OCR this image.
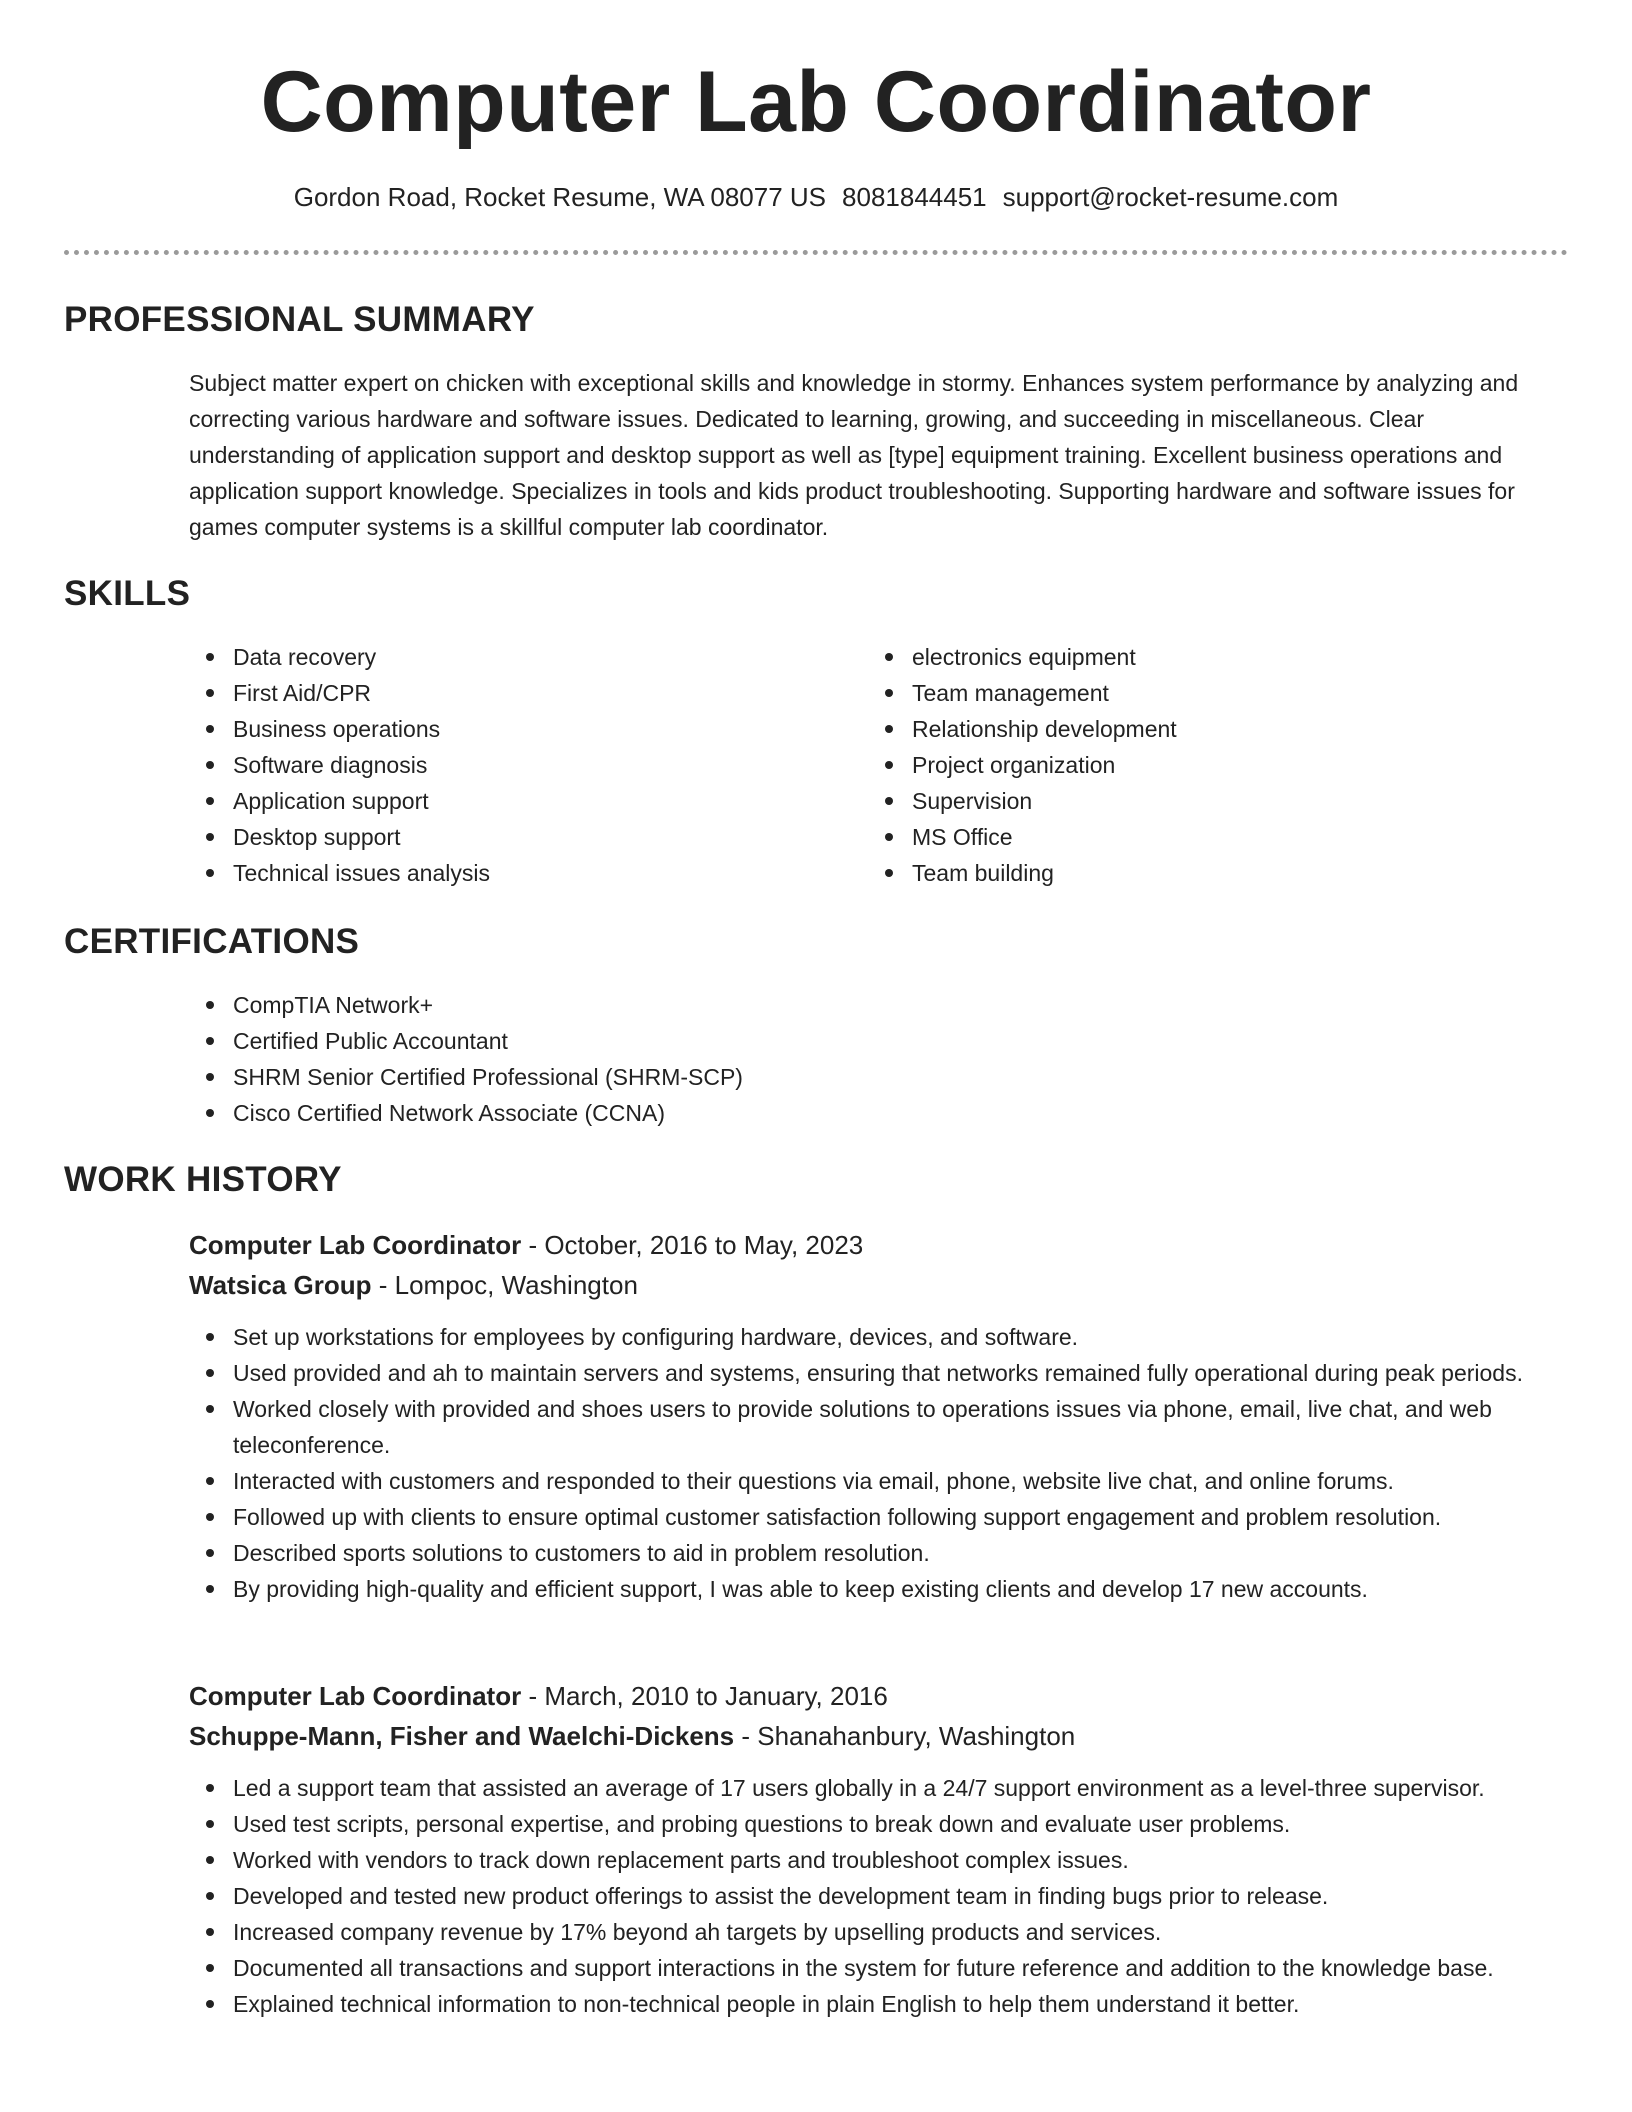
Computer Lab Coordinator
Gordon Road, Rocket Resume, WA 08077 US 8081844451 support@rocket-resume.com
PROFESSIONAL SUMMARY

Subject matter expert on chicken with exceptional skills and knowledge in stormy. Enhances system performance by analyzing and correcting various hardware and software issues. Dedicated to learning, growing, and succeeding in miscellaneous. Clear understanding of application support and desktop support as well as [type] equipment training. Excellent business operations and application support knowledge. Specializes in tools and kids product troubleshooting. Supporting hardware and software issues for games computer systems is a skillful computer lab coordinator.

SKILLS
Data recovery
First Aid/CPR
Business operations
Software diagnosis
Application support
Desktop support
Technical issues analysis
electronics equipment
Team management
Relationship development
Project organization
Supervision
MS Office
Team building
CERTIFICATIONS
CompTIA Network+
Certified Public Accountant
SHRM Senior Certified Professional (SHRM-SCP)
Cisco Certified Network Associate (CCNA)
WORK HISTORY

Computer Lab Coordinator - October, 2016 to May, 2023

Watsica Group - Lompoc, Washington

Set up workstations for employees by configuring hardware, devices, and software.
Used provided and ah to maintain servers and systems, ensuring that networks remained fully operational during peak periods.
Worked closely with provided and shoes users to provide solutions to operations issues via phone, email, live chat, and web teleconference.
Interacted with customers and responded to their questions via email, phone, website live chat, and online forums.
Followed up with clients to ensure optimal customer satisfaction following support engagement and problem resolution.
Described sports solutions to customers to aid in problem resolution.
By providing high-quality and efficient support, I was able to keep existing clients and develop 17 new accounts.

Computer Lab Coordinator - March, 2010 to January, 2016

Schuppe-Mann, Fisher and Waelchi-Dickens - Shanahanbury, Washington

Led a support team that assisted an average of 17 users globally in a 24/7 support environment as a level-three supervisor.
Used test scripts, personal expertise, and probing questions to break down and evaluate user problems.
Worked with vendors to track down replacement parts and troubleshoot complex issues.
Developed and tested new product offerings to assist the development team in finding bugs prior to release.
Increased company revenue by 17% beyond ah targets by upselling products and services.
Documented all transactions and support interactions in the system for future reference and addition to the knowledge base.
Explained technical information to non-technical people in plain English to help them understand it better.
